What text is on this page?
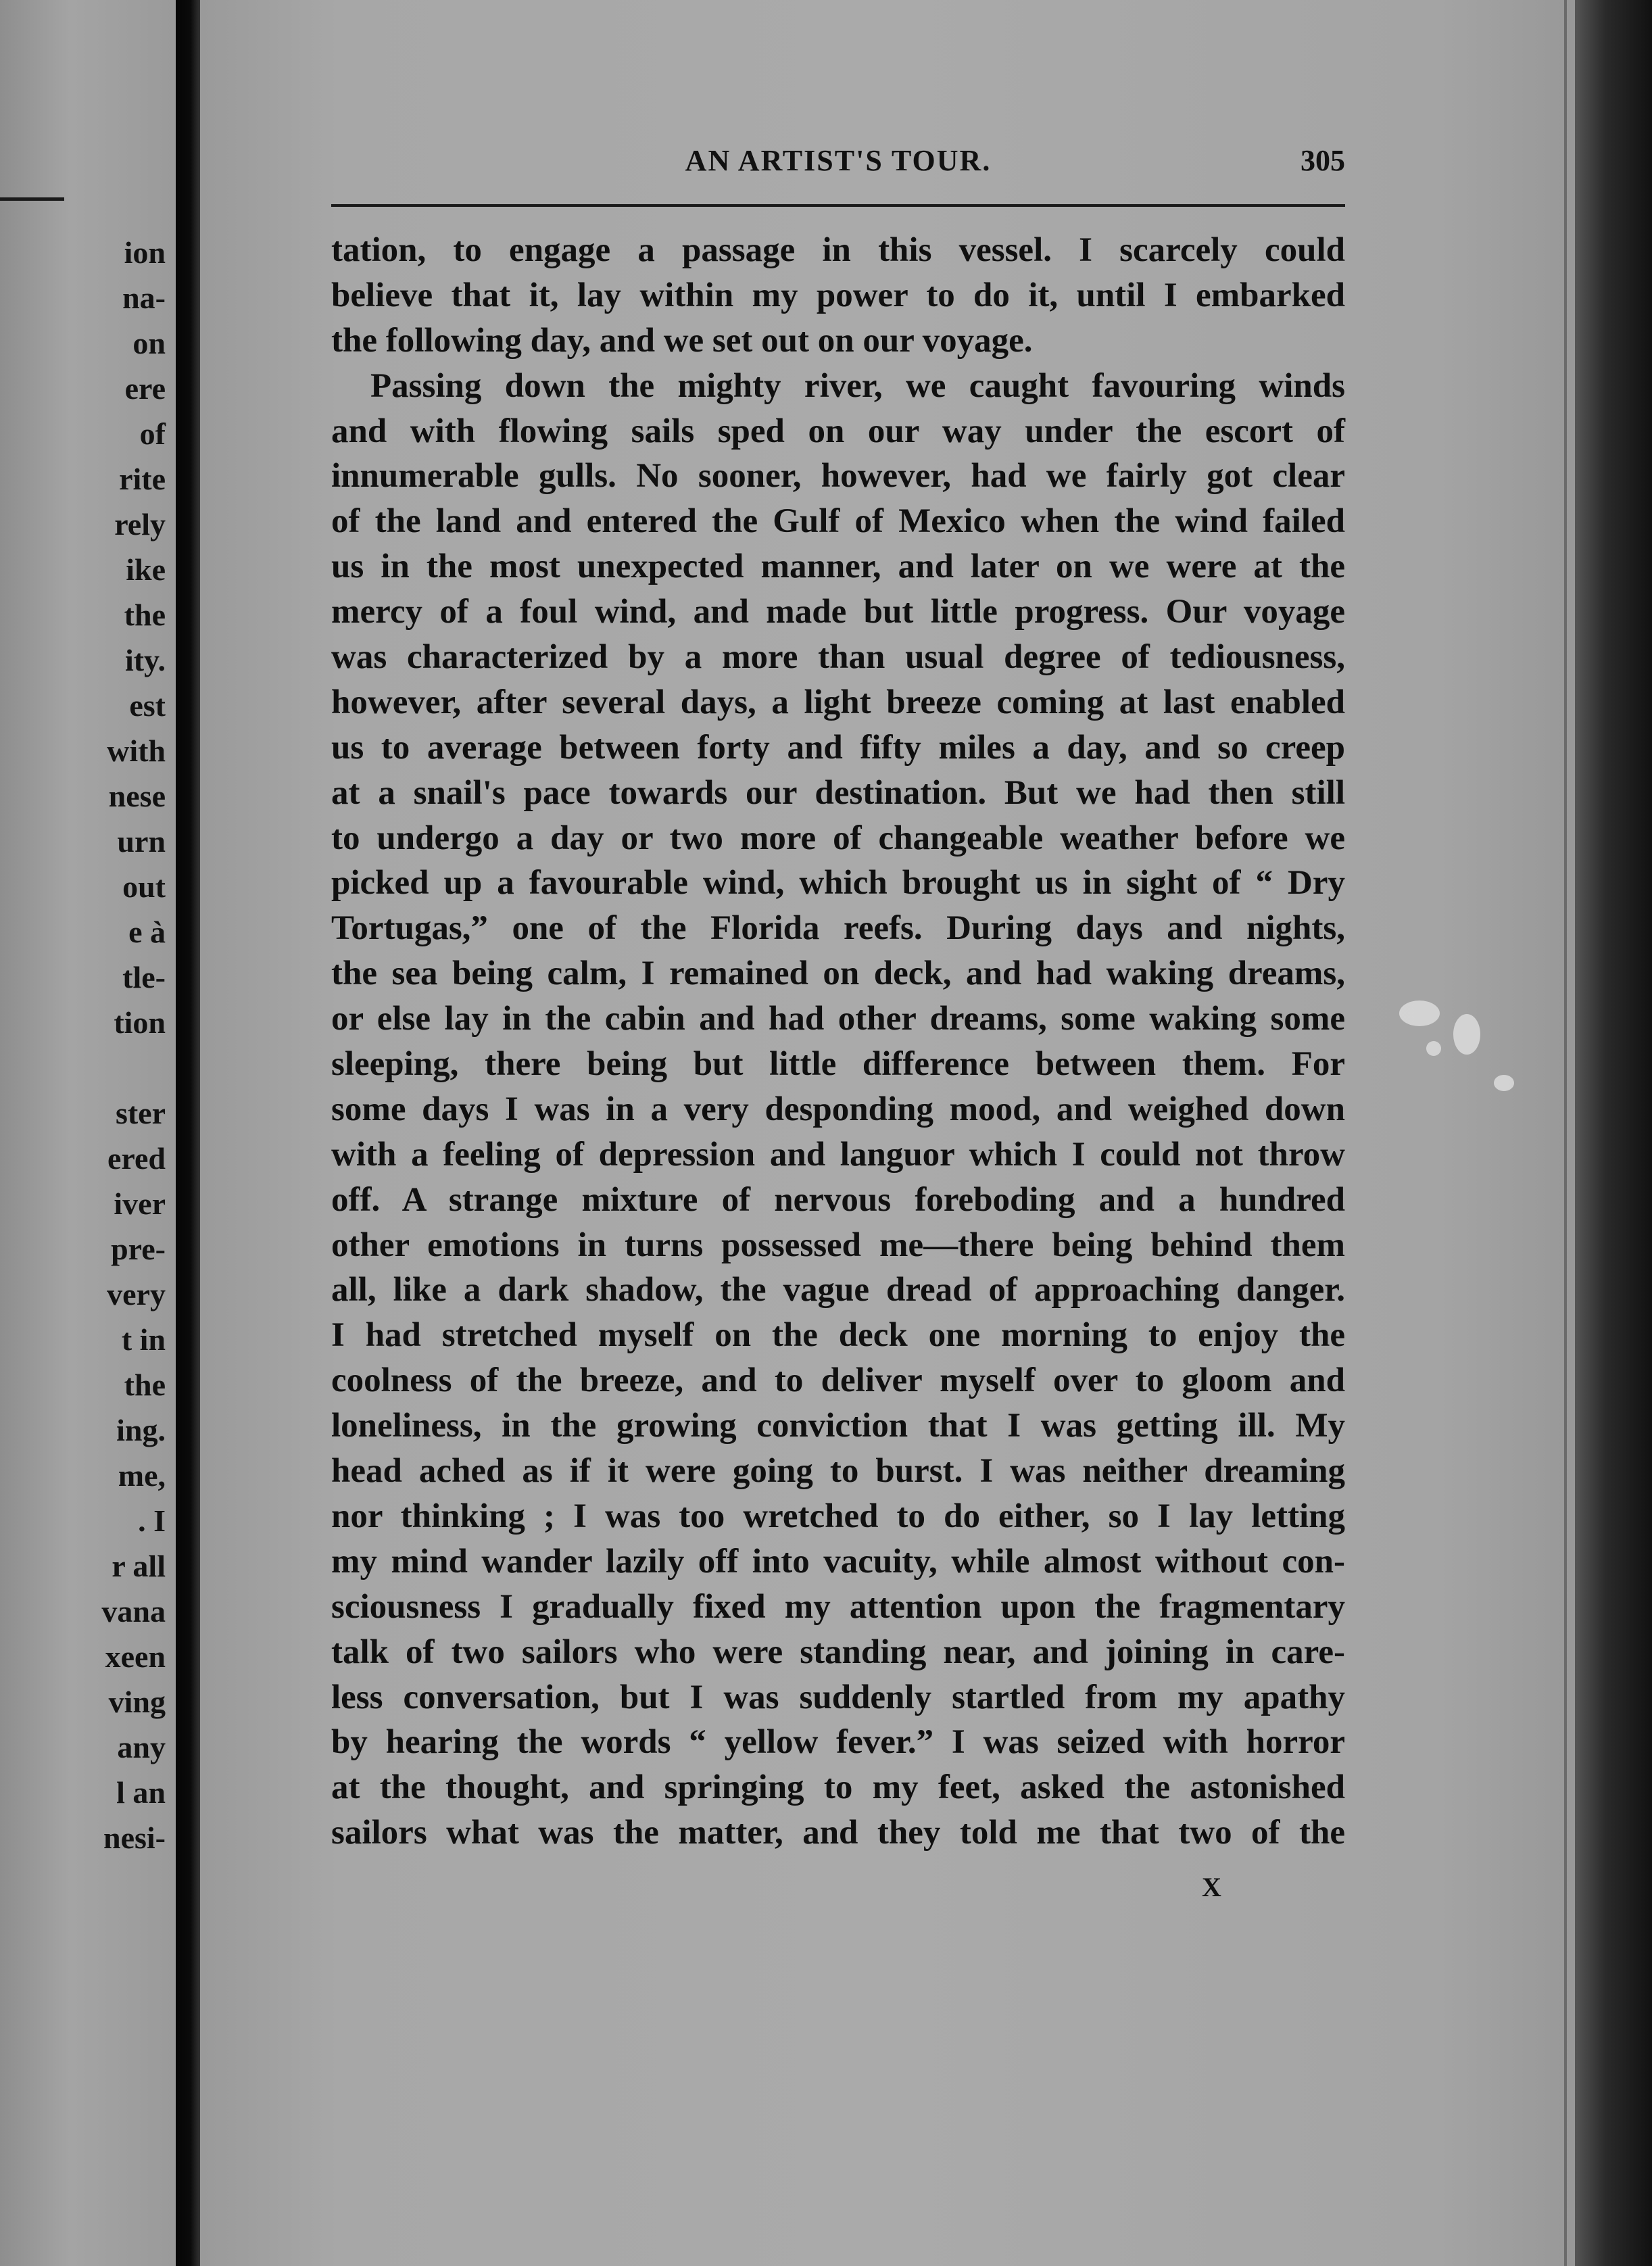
ion
na-
on
ere
of
rite
rely
ike
the
ity.
est
with
nese
urn
out
e à
tle-
tion
ster
ered
iver
pre-
very
t in
the
ing.
me,
. I
r all
vana
xeen
ving
any
l an
nesi-
AN ARTIST'S TOUR.	305
tation, to engage a passage in this vessel. I scarcely could
believe that it, lay within my power to do it, until I embarked
the following day, and we set out on our voyage.
Passing down the mighty river, we caught favouring winds
and with flowing sails sped on our way under the escort of
innumerable gulls. No sooner, however, had we fairly got clear
of the land and entered the Gulf of Mexico when the wind failed
us in the most unexpected manner, and later on we were at the
mercy of a foul wind, and made but little progress. Our voyage
was characterized by a more than usual degree of tediousness,
however, after several days, a light breeze coming at last enabled
us to average between forty and fifty miles a day, and so creep
at a snail's pace towards our destination. But we had then still
to undergo a day or two more of changeable weather before we
picked up a favourable wind, which brought us in sight of “ Dry
Tortugas,” one of the Florida reefs. During days and nights,
the sea being calm, I remained on deck, and had waking dreams,
or else lay in the cabin and had other dreams, some waking some
sleeping, there being but little difference between them. For
some days I was in a very desponding mood, and weighed down
with a feeling of depression and languor which I could not throw
off. A strange mixture of nervous foreboding and a hundred
other emotions in turns possessed me—there being behind them
all, like a dark shadow, the vague dread of approaching danger.
I had stretched myself on the deck one morning to enjoy the
coolness of the breeze, and to deliver myself over to gloom and
loneliness, in the growing conviction that I was getting ill. My
head ached as if it were going to burst. I was neither dreaming
nor thinking ; I was too wretched to do either, so I lay letting
my mind wander lazily off into vacuity, while almost without con-
sciousness I gradually fixed my attention upon the fragmentary
talk of two sailors who were standing near, and joining in care-
less conversation, but I was suddenly startled from my apathy
by hearing the words “ yellow fever.” I was seized with horror
at the thought, and springing to my feet, asked the astonished
sailors what was the matter, and they told me that two of the
X
